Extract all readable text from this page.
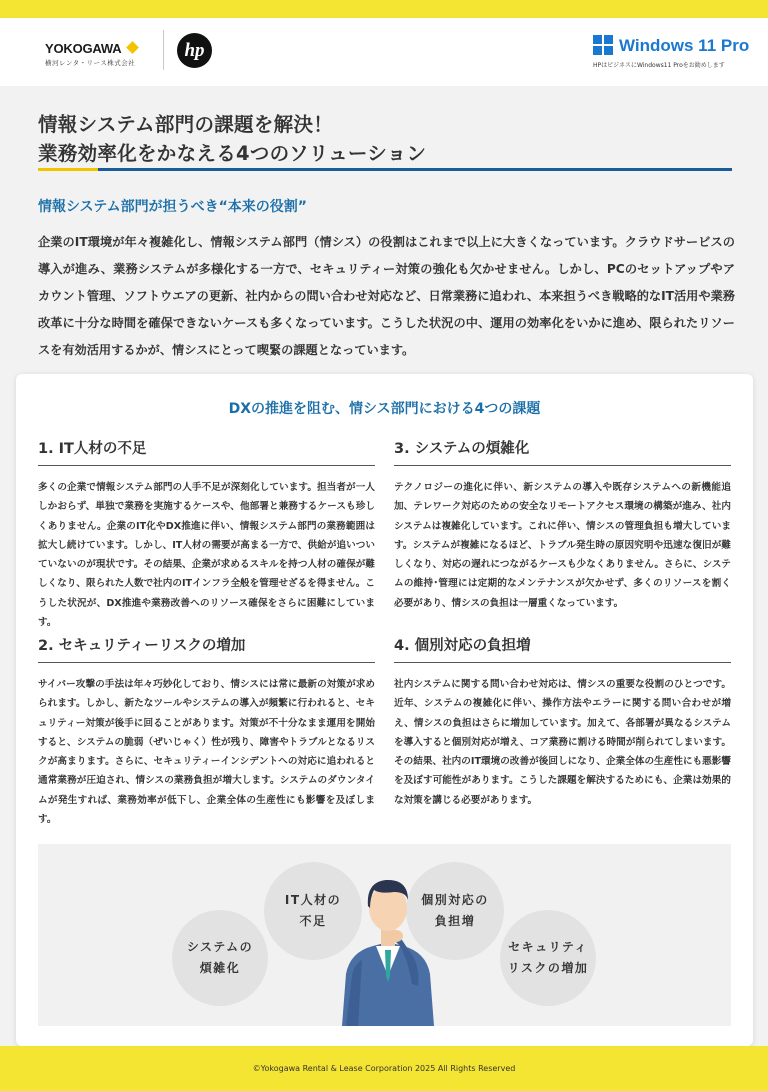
YOKOGAWA
横河レンタ・リース株式会社
hp	Windows 11 Pro
HPはビジネスにWindows11 Proをお勧めします
情報システム部門の課題を解決！
業務効率化をかなえる4つのソリューション
情報システム部門が担うべき“本来の役割”
企業のIT環境が年々複雑化し、情報システム部門（情シス）の役割はこれまで以上に大きくなっています。クラウドサービスの導入が進み、業務システムが多様化する一方で、セキュリティー対策の強化も欠かせません。しかし、PCのセットアップやアカウント管理、ソフトウエアの更新、社内からの問い合わせ対応など、日常業務に追われ、本来担うべき戦略的なIT活用や業務改革に十分な時間を確保できないケースも多くなっています。こうした状況の中、運用の効率化をいかに進め、限られたリソースを有効活用するかが、情シスにとって喫緊の課題となっています。
DXの推進を阻む、情シス部門における4つの課題
1. IT人材の不足
多くの企業で情報システム部門の人手不足が深刻化しています。担当者が一人しかおらず、単独で業務を実施するケースや、他部署と兼務するケースも珍しくありません。企業のIT化やDX推進に伴い、情報システム部門の業務範囲は拡大し続けています。しかし、IT人材の需要が高まる一方で、供給が追いついていないのが現状です。その結果、企業が求めるスキルを持つ人材の確保が難しくなり、限られた人数で社内のITインフラ全般を管理せざるを得ません。こうした状況が、DX推進や業務改善へのリソース確保をさらに困難にしています。
2. セキュリティーリスクの増加
サイバー攻撃の手法は年々巧妙化しており、情シスには常に最新の対策が求められます。しかし、新たなツールやシステムの導入が頻繁に行われると、セキュリティー対策が後手に回ることがあります。対策が不十分なまま運用を開始すると、システムの脆弱（ぜいじゃく）性が残り、障害やトラブルとなるリスクが高まります。さらに、セキュリティーインシデントへの対応に追われると通常業務が圧迫され、情シスの業務負担が増大します。システムのダウンタイムが発生すれば、業務効率が低下し、企業全体の生産性にも影響を及ぼします。
3. システムの煩雑化
テクノロジーの進化に伴い、新システムの導入や既存システムへの新機能追加、テレワーク対応のための安全なリモートアクセス環境の構築が進み、社内システムは複雑化しています。これに伴い、情シスの管理負担も増大しています。システムが複雑になるほど、トラブル発生時の原因究明や迅速な復旧が難しくなり、対応の遅れにつながるケースも少なくありません。さらに、システムの維持･管理には定期的なメンテナンスが欠かせず、多くのリソースを割く必要があり、情シスの負担は一層重くなっています。
4. 個別対応の負担増
社内システムに関する問い合わせ対応は、情シスの重要な役割のひとつです。近年、システムの複雑化に伴い、操作方法やエラーに関する問い合わせが増え、情シスの負担はさらに増加しています。加えて、各部署が異なるシステムを導入すると個別対応が増え、コア業務に割ける時間が削られてしまいます。その結果、社内のIT環境の改善が後回しになり、企業全体の生産性にも悪影響を及ぼす可能性があります。こうした課題を解決するためにも、企業は効果的な対策を講じる必要があります。
システムの
煩雑化
IT人材の
不足
個別対応の
負担増
セキュリティ
リスクの増加
©Yokogawa Rental & Lease Corporation 2025 All Rights Reserved
